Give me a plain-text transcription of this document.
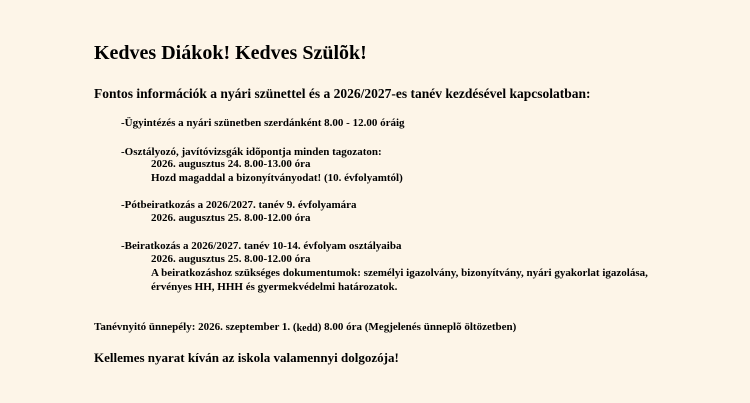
Kedves Diákok! Kedves Szülõk!
Fontos információk a nyári szünettel és a 2026/2027-es tanév kezdésével kapcsolatban:
-Ügyintézés a nyári szünetben szerdánként 8.00 - 12.00 óráig
-Osztályozó, javítóvizsgák idõpontja minden tagozaton:
2026. augusztus 24. 8.00-13.00 óra
Hozd magaddal a bizonyítványodat! (10. évfolyamtól)
-Pótbeiratkozás a 2026/2027. tanév 9. évfolyamára
2026. augusztus 25. 8.00-12.00 óra
-Beiratkozás a 2026/2027. tanév 10-14. évfolyam osztályaiba
2026. augusztus 25. 8.00-12.00 óra
A beiratkozáshoz szükséges dokumentumok: személyi igazolvány, bizonyítvány, nyári gyakorlat igazolása,
érvényes HH, HHH és gyermekvédelmi határozatok.
Tanévnyitó ünnepély: 2026. szeptember 1. (kedd) 8.00 óra (Megjelenés ünneplõ öltözetben)
Kellemes nyarat kíván az iskola valamennyi dolgozója!
